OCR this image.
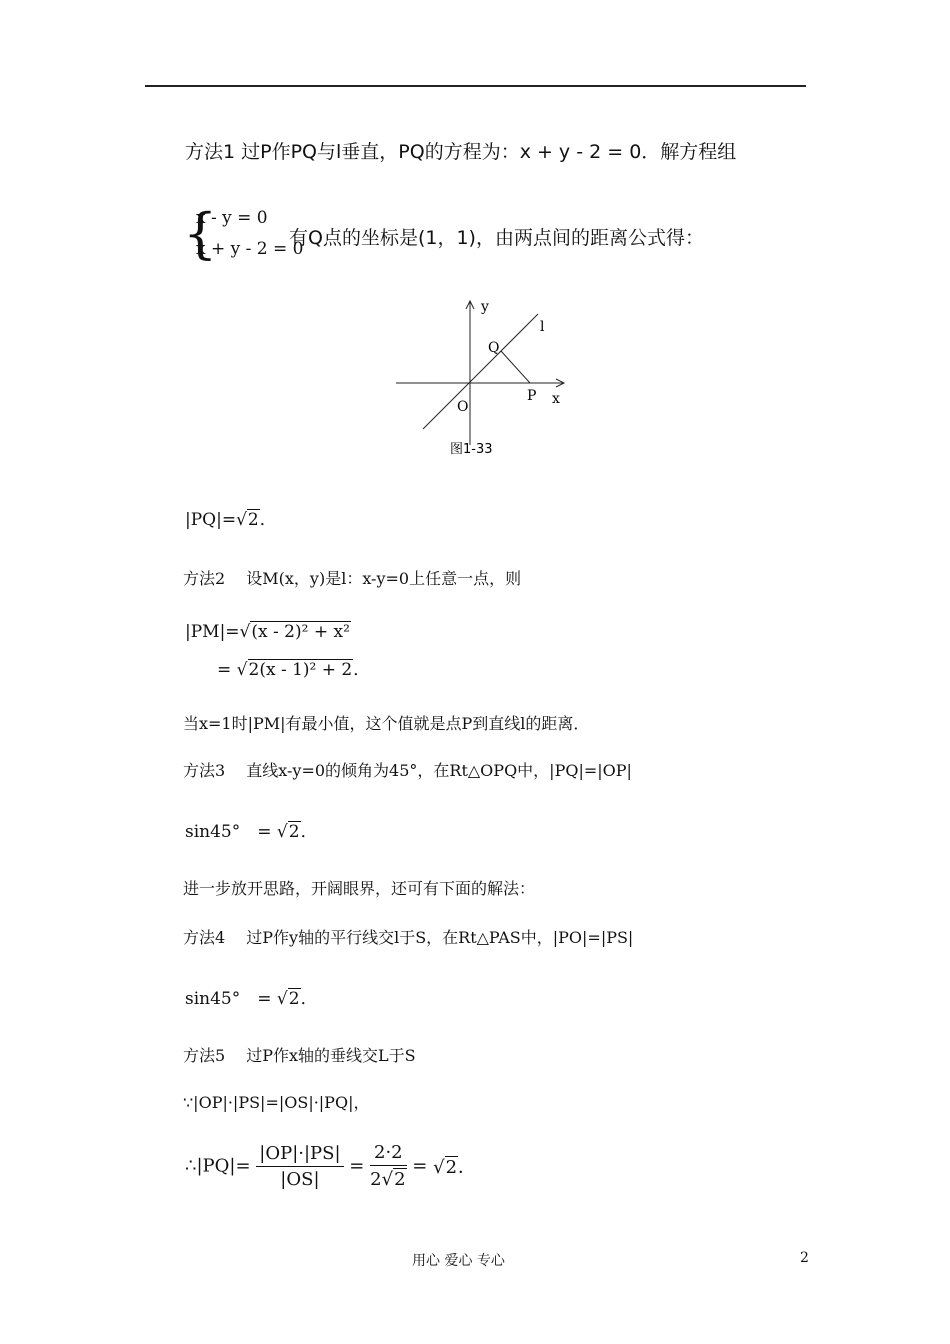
方法1 过P作PQ与l垂直，PQ的方程为：x + y - 2 = 0．解方程组
{
x - y = 0
x + y - 2 = 0
有Q点的坐标是(1，1)，由两点间的距离公式得：
y
l
Q
O
P x
图1-33
|PQ|=√2．
方法2　 设M(x，y)是l：x-y=0上任意一点，则
|PM|=√(x - 2)² + x²
= √2(x - 1)² + 2．
当x=1时|PM|有最小值，这个值就是点P到直线l的距离．
方法3　 直线x-y=0的倾角为45°，在Rt△OPQ中，|PQ|=|OP|
sin45°　= √2．
进一步放开思路，开阔眼界，还可有下面的解法：
方法4　 过P作y轴的平行线交l于S，在Rt△PAS中，|PO|=|PS|
sin45°　= √2．
方法5　 过P作x轴的垂线交L于S
∵|OP|·|PS|=|OS|·|PQ|，
∴|PQ|= $\frac{|OP|\cdot|PS|}{|OS|} = \frac{2\cdot 2}{2√2} = √2$．
用心 爱心 专心	2
